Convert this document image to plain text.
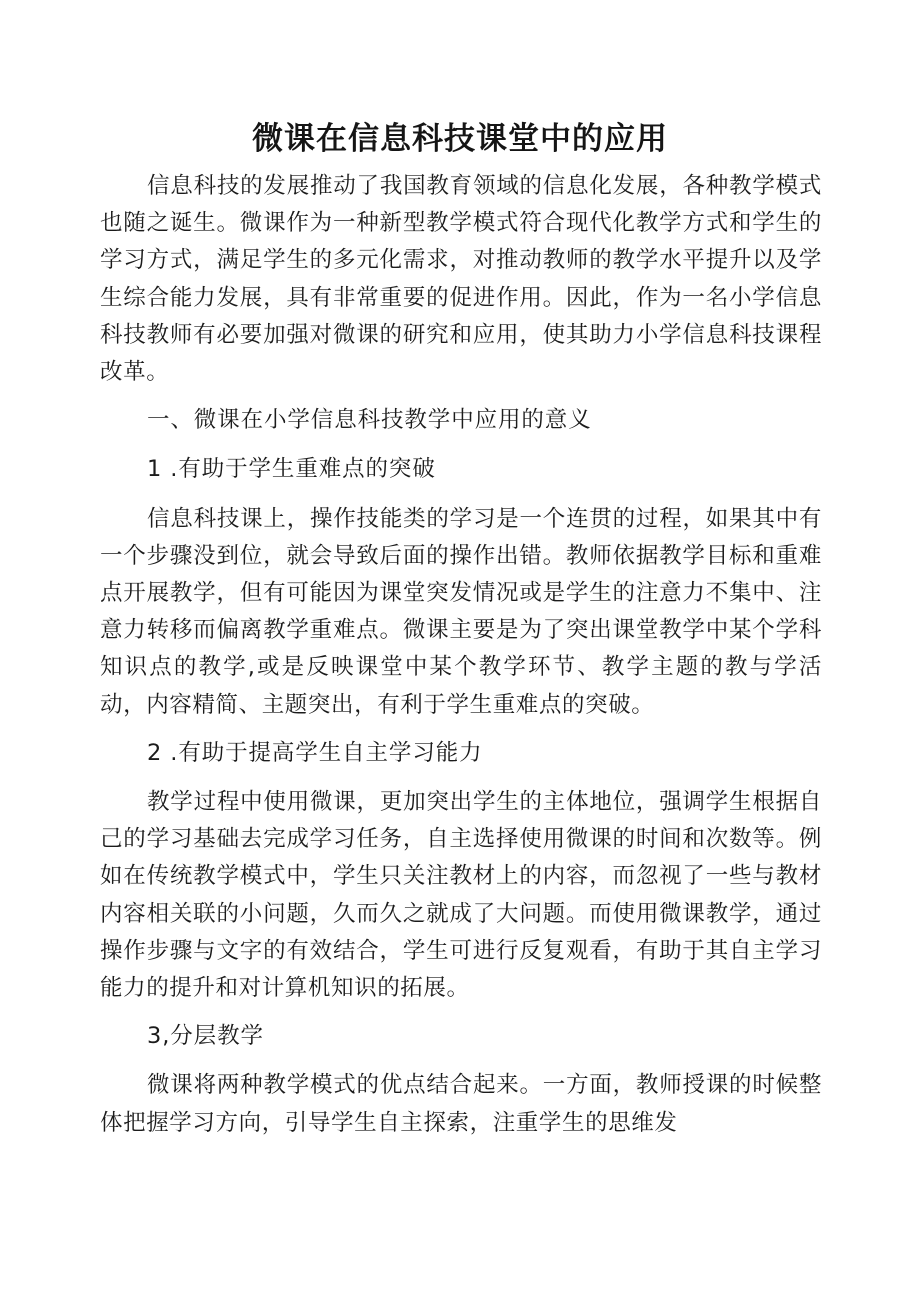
微课在信息科技课堂中的应用

信息科技的发展推动了我国教育领域的信息化发展，各种教学模式也随之诞生。微课作为一种新型教学模式符合现代化教学方式和学生的学习方式，满足学生的多元化需求，对推动教师的教学水平提升以及学生综合能力发展，具有非常重要的促进作用。因此，作为一名小学信息科技教师有必要加强对微课的研究和应用，使其助力小学信息科技课程改革。

一、微课在小学信息科技教学中应用的意义

1 .有助于学生重难点的突破

信息科技课上，操作技能类的学习是一个连贯的过程，如果其中有一个步骤没到位，就会导致后面的操作出错。教师依据教学目标和重难点开展教学，但有可能因为课堂突发情况或是学生的注意力不集中、注意力转移而偏离教学重难点。微课主要是为了突出课堂教学中某个学科知识点的教学,或是反映课堂中某个教学环节、教学主题的教与学活动，内容精简、主题突出，有利于学生重难点的突破。

2 .有助于提高学生自主学习能力

教学过程中使用微课，更加突出学生的主体地位，强调学生根据自己的学习基础去完成学习任务，自主选择使用微课的时间和次数等。例如在传统教学模式中，学生只关注教材上的内容，而忽视了一些与教材内容相关联的小问题，久而久之就成了大问题。而使用微课教学，通过操作步骤与文字的有效结合，学生可进行反复观看，有助于其自主学习能力的提升和对计算机知识的拓展。

3,分层教学

微课将两种教学模式的优点结合起来。一方面，教师授课的时候整体把握学习方向，引导学生自主探索，注重学生的思维发
